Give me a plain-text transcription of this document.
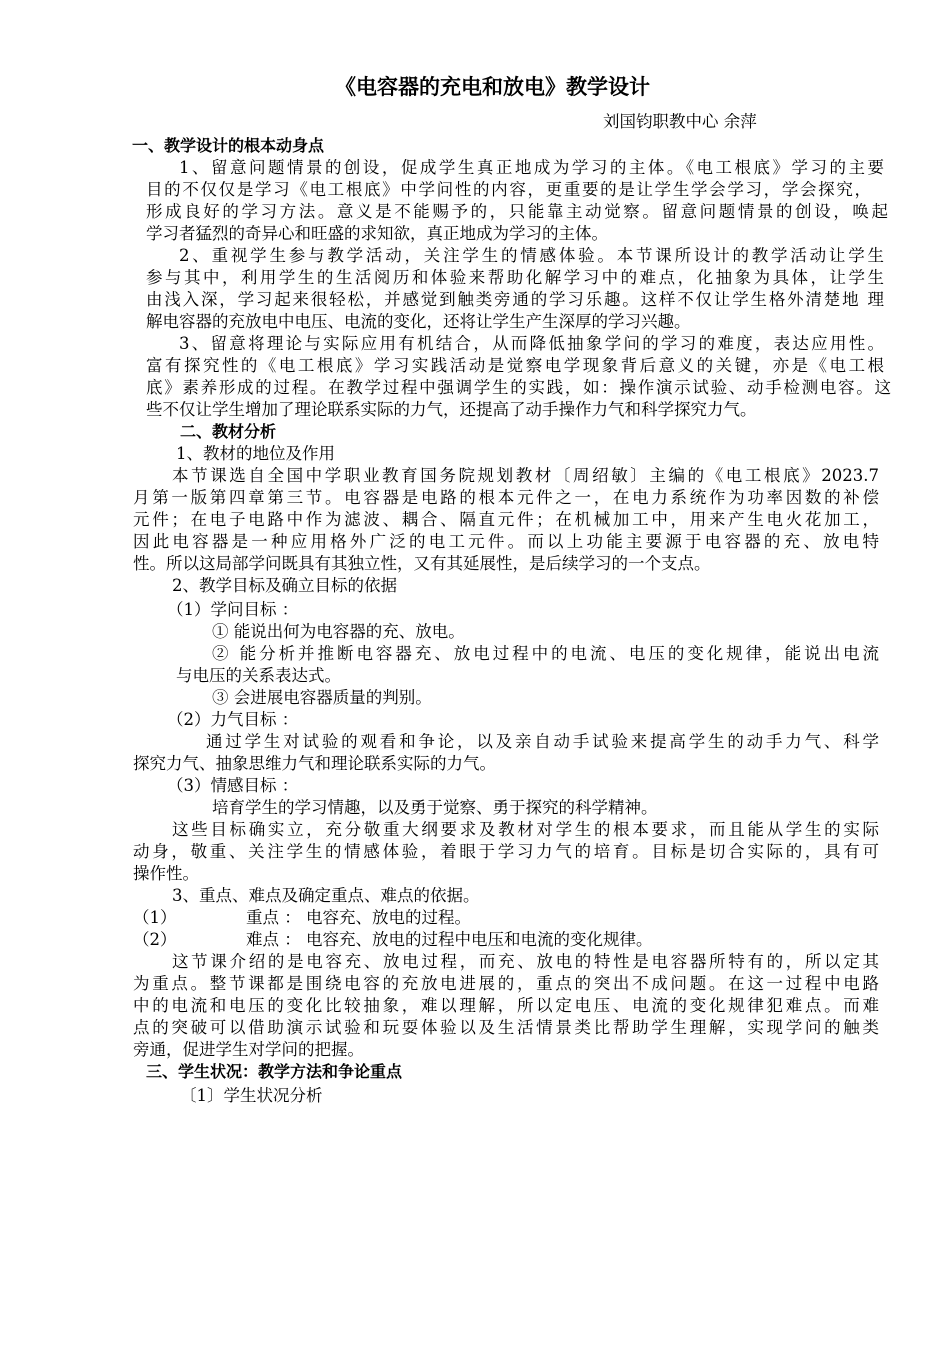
《电容器的充电和放电》教学设计
刘国钧职教中心 余萍
一、教学设计的根本动身点
1、留意问题情景的创设，促成学生真正地成为学习的主体。《电工根底》学习的主要
目的不仅仅是学习《电工根底》中学问性的内容，更重要的是让学生学会学习，学会探究，
形成良好的学习方法。意义是不能赐予的，只能靠主动觉察。留意问题情景的创设，唤起
学习者猛烈的奇异心和旺盛的求知欲，真正地成为学习的主体。
2、重视学生参与教学活动，关注学生的情感体验。本节课所设计的教学活动让学生
参与其中，利用学生的生活阅历和体验来帮助化解学习中的难点，化抽象为具体，让学生
由浅入深，学习起来很轻松，并感觉到触类旁通的学习乐趣。这样不仅让学生格外清楚地 理
解电容器的充放电中电压、电流的变化，还将让学生产生深厚的学习兴趣。
3、留意将理论与实际应用有机结合，从而降低抽象学问的学习的难度，表达应用性。
富有探究性的《电工根底》学习实践活动是觉察电学现象背后意义的关键，亦是《电工根
底》素养形成的过程。在教学过程中强调学生的实践，如：操作演示试验、动手检测电容。这
些不仅让学生增加了理论联系实际的力气，还提高了动手操作力气和科学探究力气。
二、教材分析
1、教材的地位及作用
本节课选自全国中学职业教育国务院规划教材〔周绍敏〕主编的《电工根底》2023.7
月第一版第四章第三节。电容器是电路的根本元件之一，在电力系统作为功率因数的补偿
元件；在电子电路中作为滤波、耦合、隔直元件；在机械加工中，用来产生电火花加工，
因此电容器是一种应用格外广泛的电工元件。而以上功能主要源于电容器的充、放电特
性。所以这局部学问既具有其独立性，又有其延展性，是后续学习的一个支点。
2、教学目标及确立目标的依据
（1）学问目标 ：
① 能说出何为电容器的充、放电。
② 能分析并推断电容器充、放电过程中的电流、电压的变化规律，能说出电流
与电压的关系表达式。
③ 会进展电容器质量的判别。
（2）力气目标 ：
通过学生对试验的观看和争论，以及亲自动手试验来提高学生的动手力气、科学
探究力气、抽象思维力气和理论联系实际的力气。
（3）情感目标 ：
培育学生的学习情趣，以及勇于觉察、勇于探究的科学精神。
这些目标确实立，充分敬重大纲要求及教材对学生的根本要求，而且能从学生的实际
动身，敬重、关注学生的情感体验，着眼于学习力气的培育。目标是切合实际的，具有可
操作性。
3、重点、难点及确定重点、难点的依据。
（1）	重点 ： 电容充、放电的过程。
（2）	难点 ： 电容充、放电的过程中电压和电流的变化规律。
这节课介绍的是电容充、放电过程，而充、放电的特性是电容器所特有的，所以定其
为重点。整节课都是围绕电容的充放电进展的，重点的突出不成问题。在这一过程中电路
中的电流和电压的变化比较抽象，难以理解，所以定电压、电流的变化规律犯难点。而难
点的突破可以借助演示试验和玩耍体验以及生活情景类比帮助学生理解，实现学问的触类
旁通，促进学生对学问的把握。
三、学生状况：教学方法和争论重点
〔1〕学生状况分析
